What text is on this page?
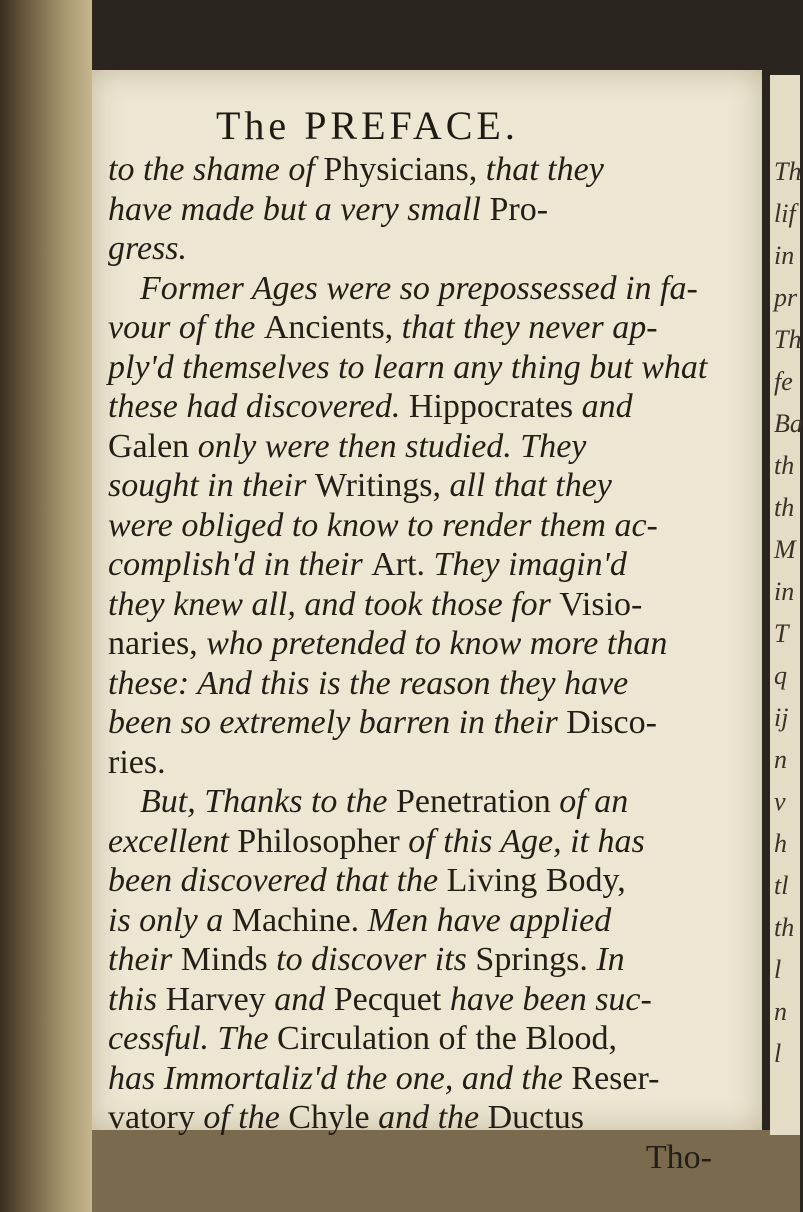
Th
lif
in
pr
Th
fe
Ba
th
th
M
in
T
q
ij
n
v
h
tl
th
l
n
l
The PREFACE.
to the shame of Physicians, that they
have made but a very small Pro-
gress.
Former Ages were so prepossessed in fa-
vour of the Ancients, that they never ap-
ply'd themselves to learn any thing but what
these had discovered. Hippocrates and
Galen only were then studied. They
sought in their Writings, all that they
were obliged to know to render them ac-
complish'd in their Art. They imagin'd
they knew all, and took those for Visio-
naries, who pretended to know more than
these: And this is the reason they have
been so extremely barren in their Disco-
ries.
But, Thanks to the Penetration of an
excellent Philosopher of this Age, it has
been discovered that the Living Body,
is only a Machine. Men have applied
their Minds to discover its Springs. In
this Harvey and Pecquet have been suc-
cessful. The Circulation of the Blood,
has Immortaliz'd the one, and the Reser-
vatory of the Chyle and the Ductus
Tho-
